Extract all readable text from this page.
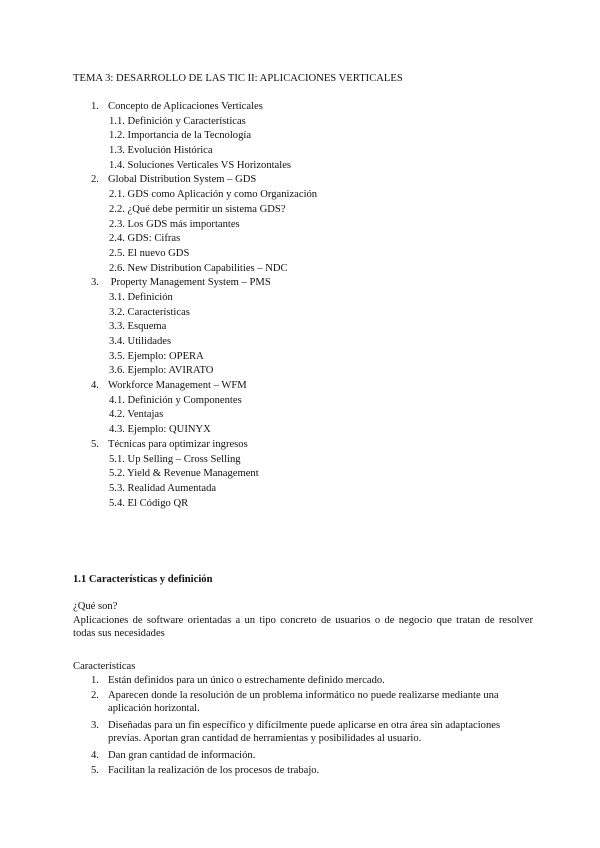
TEMA 3: DESARROLLO DE LAS TIC II: APLICACIONES VERTICALES
1. Concepto de Aplicaciones Verticales
1.1. Definición y Características
1.2. Importancia de la Tecnología
1.3. Evolución Histórica
1.4. Soluciones Verticales VS Horizontales
2. Global Distribution System – GDS
2.1. GDS como Aplicación y como Organización
2.2. ¿Qué debe permitir un sistema GDS?
2.3. Los GDS más importantes
2.4. GDS: Cifras
2.5. El nuevo GDS
2.6. New Distribution Capabilities – NDC
3. Property Management System – PMS
3.1. Definición
3.2. Características
3.3. Esquema
3.4. Utilidades
3.5. Ejemplo: OPERA
3.6. Ejemplo: AVIRATO
4. Workforce Management – WFM
4.1. Definición y Componentes
4.2. Ventajas
4.3. Ejemplo: QUINYX
5. Técnicas para optimizar ingresos
5.1. Up Selling – Cross Selling
5.2. Yield & Revenue Management
5.3. Realidad Aumentada
5.4. El Código QR
1.1 Características y definición
¿Qué son?
Aplicaciones de software orientadas a un tipo concreto de usuarios o de negocio que tratan de resolver
todas sus necesidades
Características
1. Están definidos para un único o estrechamente definido mercado.
2. Aparecen donde la resolución de un problema informático no puede realizarse mediante una aplicación horizontal.
3. Diseñadas para un fin específico y difícilmente puede aplicarse en otra área sin adaptaciones previas. Aportan gran cantidad de herramientas y posibilidades al usuario.
4. Dan gran cantidad de información.
5. Facilitan la realización de los procesos de trabajo.
